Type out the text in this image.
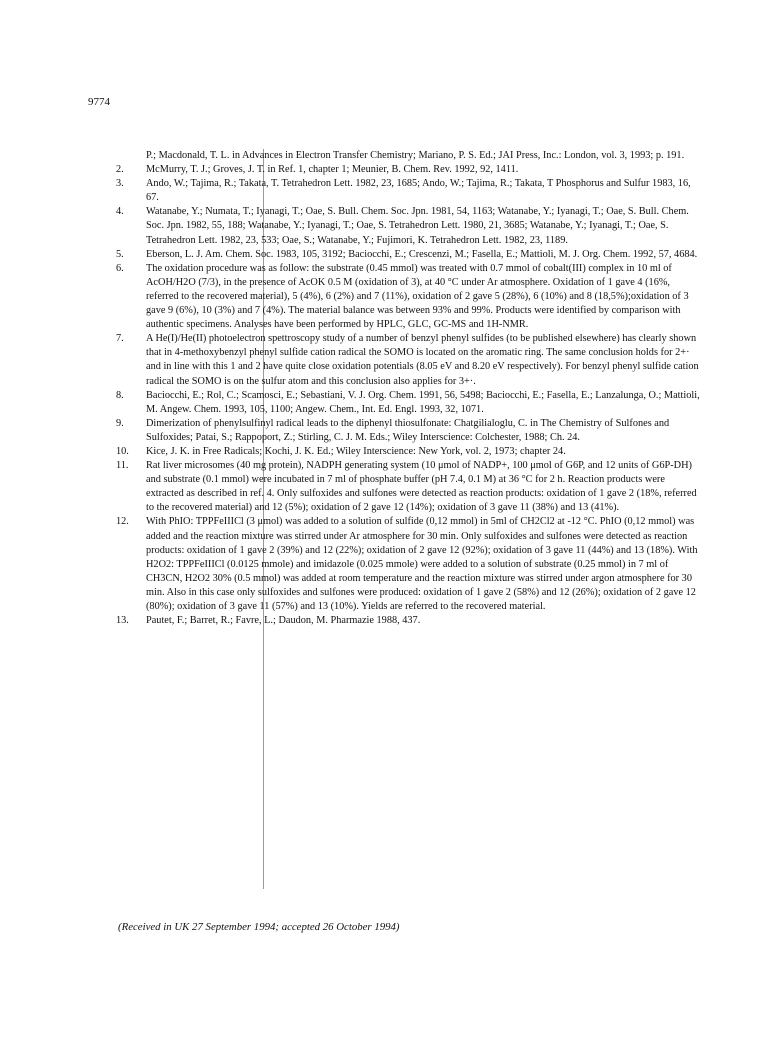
9774
P.; Macdonald, T. L. in Advances in Electron Transfer Chemistry; Mariano, P. S. Ed.; JAI Press, Inc.: London, vol. 3, 1993; p. 191.
2.	McMurry, T. J.; Groves, J. T. in Ref. 1, chapter 1; Meunier, B. Chem. Rev. 1992, 92, 1411.
3.	Ando, W.; Tajima, R.; Takata, T. Tetrahedron Lett. 1982, 23, 1685; Ando, W.; Tajima, R.; Takata, T Phosphorus and Sulfur 1983, 16, 67.
4.	Watanabe, Y.; Numata, T.; Iyanagi, T.; Oae, S. Bull. Chem. Soc. Jpn. 1981, 54, 1163; Watanabe, Y.; Iyanagi, T.; Oae, S. Bull. Chem. Soc. Jpn. 1982, 55, 188; Watanabe, Y.; Iyanagi, T.; Oae, S. Tetrahedron Lett. 1980, 21, 3685; Watanabe, Y.; Iyanagi, T.; Oae, S. Tetrahedron Lett. 1982, 23, 533; Oae, S.; Watanabe, Y.; Fujimori, K. Tetrahedron Lett. 1982, 23, 1189.
5.	Eberson, L. J. Am. Chem. Soc. 1983, 105, 3192; Baciocchi, E.; Crescenzi, M.; Fasella, E.; Mattioli, M. J. Org. Chem. 1992, 57, 4684.
6.	The oxidation procedure was as follow: the substrate (0.45 mmol) was treated with 0.7 mmol of cobalt(III) complex in 10 ml of AcOH/H2O (7/3), in the presence of AcOK 0.5 M (oxidation of 3), at 40 °C under Ar atmosphere. Oxidation of 1 gave 4 (16%, referred to the recovered material), 5 (4%), 6 (2%) and 7 (11%), oxidation of 2 gave 5 (28%), 6 (10%) and 8 (18,5%);oxidation of 3 gave 9 (6%), 10 (3%) and 7 (4%). The material balance was between 93% and 99%. Products were identified by comparison with authentic specimens. Analyses have been performed by HPLC, GLC, GC-MS and 1H-NMR.
7.	A He(I)/He(II) photoelectron spettroscopy study of a number of benzyl phenyl sulfides (to be published elsewhere) has clearly shown that in 4-methoxybenzyl phenyl sulfide cation radical the SOMO is located on the aromatic ring. The same conclusion holds for 2+· and in line with this 1 and 2 have quite close oxidation potentials (8.05 eV and 8.20 eV respectively). For benzyl phenyl sulfide cation radical the SOMO is on the sulfur atom and this conclusion also applies for 3+·.
8.	Baciocchi, E.; Rol, C.; Scamosci, E.; Sebastiani, V. J. Org. Chem. 1991, 56, 5498; Baciocchi, E.; Fasella, E.; Lanzalunga, O.; Mattioli, M. Angew. Chem. 1993, 105, 1100; Angew. Chem., Int. Ed. Engl. 1993, 32, 1071.
9.	Dimerization of phenylsulfinyl radical leads to the diphenyl thiosulfonate: Chatgilialoglu, C. in The Chemistry of Sulfones and Sulfoxides; Patai, S.; Rappoport, Z.; Stirling, C. J. M. Eds.; Wiley Interscience: Colchester, 1988; Ch. 24.
10.	Kice, J. K. in Free Radicals; Kochi, J. K. Ed.; Wiley Interscience: New York, vol. 2, 1973; chapter 24.
11.	Rat liver microsomes (40 mg protein), NADPH generating system (10 μmol of NADP+, 100 μmol of G6P, and 12 units of G6P-DH) and substrate (0.1 mmol) were incubated in 7 ml of phosphate buffer (pH 7.4, 0.1 M) at 36 °C for 2 h. Reaction products were extracted as described in ref. 4. Only sulfoxides and sulfones were detected as reaction products: oxidation of 1 gave 2 (18%, referred to the recovered material) and 12 (5%); oxidation of 2 gave 12 (14%); oxidation of 3 gave 11 (38%) and 13 (41%).
12.	With PhIO: TPPFeIIICl (3 μmol) was added to a solution of sulfide (0,12 mmol) in 5ml of CH2Cl2 at -12 °C. PhIO (0,12 mmol) was added and the reaction mixture was stirred under Ar atmosphere for 30 min. Only sulfoxides and sulfones were detected as reaction products: oxidation of 1 gave 2 (39%) and 12 (22%); oxidation of 2 gave 12 (92%); oxidation of 3 gave 11 (44%) and 13 (18%). With H2O2: TPPFeIIICl (0.0125 mmole) and imidazole (0.025 mmole) were added to a solution of substrate (0.25 mmol) in 7 ml of CH3CN, H2O2 30% (0.5 mmol) was added at room temperature and the reaction mixture was stirred under argon atmosphere for 30 min. Also in this case only sulfoxides and sulfones were produced: oxidation of 1 gave 2 (58%) and 12 (26%); oxidation of 2 gave 12 (80%); oxidation of 3 gave 11 (57%) and 13 (10%). Yields are referred to the recovered material.
13.	Pautet, F.; Barret, R.; Favre, L.; Daudon, M. Pharmazie 1988, 437.
(Received in UK 27 September 1994; accepted 26 October 1994)
